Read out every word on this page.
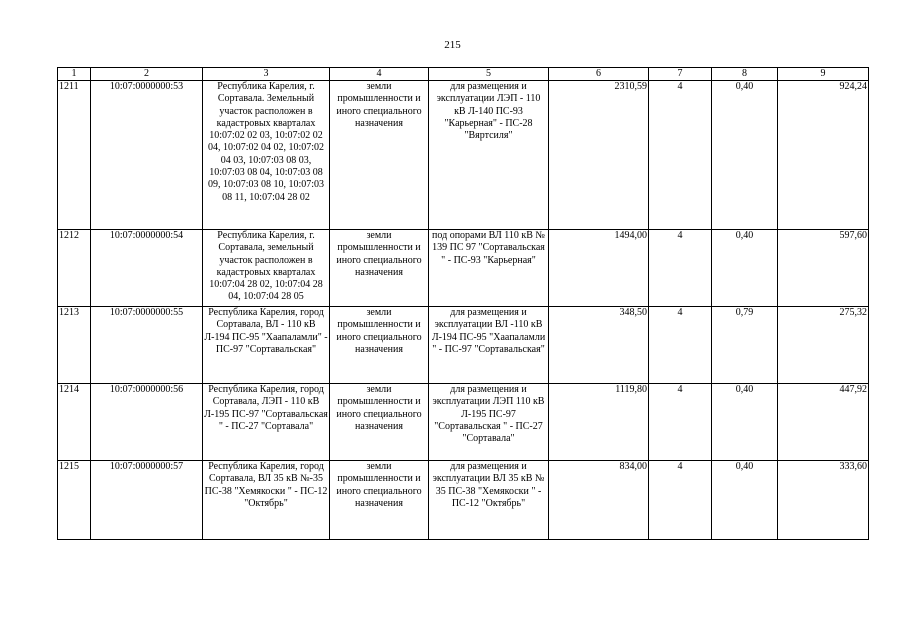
215
1	2	3	4	5	6	7	8	9
1211	10:07:0000000:53	Республика Карелия, г. Сортавала. Земельный участок расположен в кадастровых кварталах 10:07:02 02 03, 10:07:02 02 04, 10:07:02 04 02, 10:07:02 04 03, 10:07:03 08 03, 10:07:03 08 04, 10:07:03 08 09, 10:07:03 08 10, 10:07:03 08 11, 10:07:04 28 02	земли промышленности и иного специального назначения	для размещения и эксплуатации ЛЭП - 110 кВ Л-140 ПС-93 "Карьерная" - ПС-28 "Вяртсиля"	2310,59	4	0,40	924,24
1212	10:07:0000000:54	Республика Карелия, г. Сортавала, земельный участок расположен в кадастровых кварталах 10:07:04 28 02, 10:07:04 28 04, 10:07:04 28 05	земли промышленности и иного специального назначения	под опорами ВЛ 110 кВ № 139 ПС 97 "Сортавальская " - ПС-93 "Карьерная"	1494,00	4	0,40	597,60
1213	10:07:0000000:55	Республика Карелия, город Сортавала, ВЛ - 110 кВ Л-194 ПС-95 "Хаапаламли" - ПС-97 "Сортавальская"	земли промышленности и иного специального назначения	для размещения и эксплуатации ВЛ -110 кВ Л-194 ПС-95 "Хаапаламли " - ПС-97 "Сортавальская"	348,50	4	0,79	275,32
1214	10:07:0000000:56	Республика Карелия, город Сортавала, ЛЭП - 110 кВ Л-195 ПС-97 "Сортавальская " - ПС-27 "Сортавала"	земли промышленности и иного специального назначения	для размещения и эксплуатации ЛЭП 110 кВ Л-195 ПС-97 "Сортавальская " - ПС-27 "Сортавала"	1119,80	4	0,40	447,92
1215	10:07:0000000:57	Республика Карелия, город Сортавала, ВЛ 35 кВ №-35 ПС-38 "Хемякоски " - ПС-12 "Октябрь"	земли промышленности и иного специального назначения	для размещения и эксплуатации ВЛ 35 кВ № 35 ПС-38 "Хемякоски " - ПС-12 "Октябрь"	834,00	4	0,40	333,60
